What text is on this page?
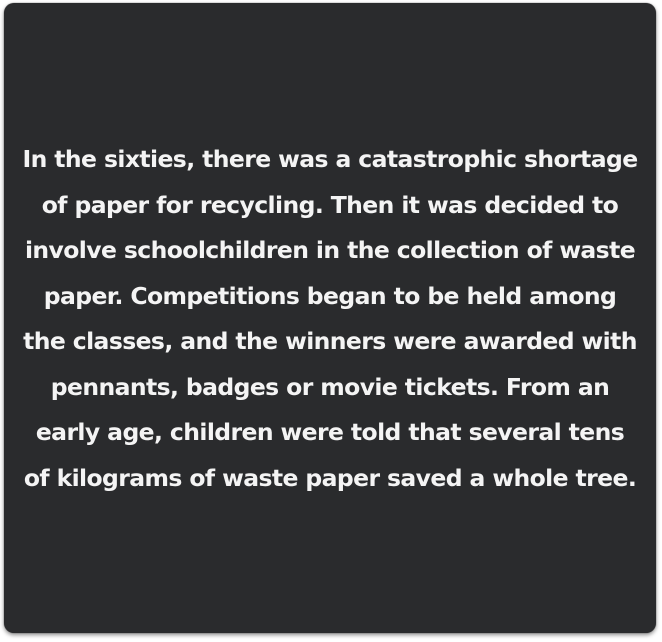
In the sixties, there was a catastrophic shortage of paper for recycling. Then it was decided to involve schoolchildren in the collection of waste paper. Competitions began to be held among the classes, and the winners were awarded with pennants, badges or movie tickets. From an early age, children were told that several tens of kilograms of waste paper saved a whole tree.
